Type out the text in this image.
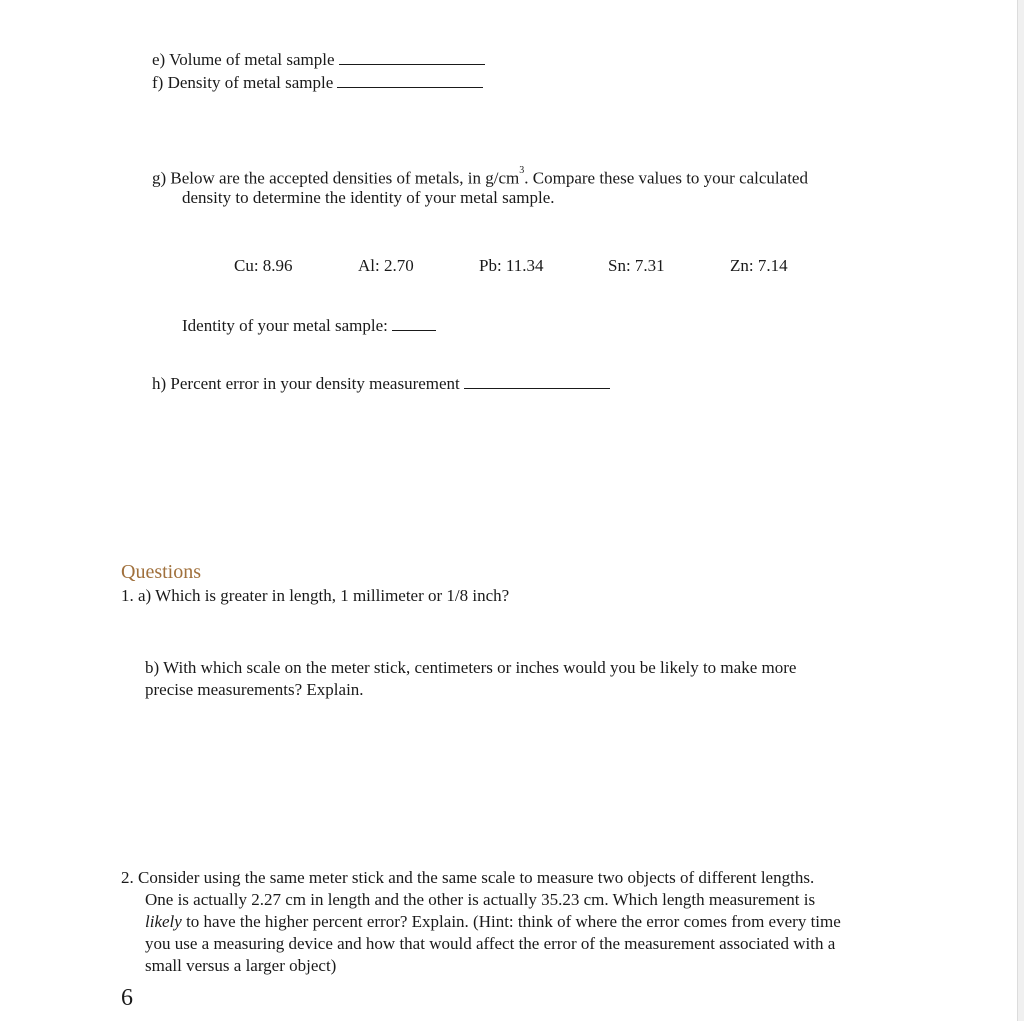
e) Volume of metal sample
f) Density of metal sample
g) Below are the accepted densities of metals, in $g/cm^3$. Compare these values to your calculated
density to determine the identity of your metal sample.
Cu: 8.96	Al: 2.70	Pb: 11.34	Sn: 7.31	Zn: 7.14
Identity of your metal sample:
h) Percent error in your density measurement
Questions
1. a) Which is greater in length, 1 millimeter or 1/8 inch?
b) With which scale on the meter stick, centimeters or inches would you be likely to make more
precise measurements? Explain.
2. Consider using the same meter stick and the same scale to measure two objects of different lengths.
One is actually 2.27 cm in length and the other is actually 35.23 cm. Which length measurement is
likely to have the higher percent error? Explain. (Hint: think of where the error comes from every time
you use a measuring device and how that would affect the error of the measurement associated with a
small versus a larger object)
6
